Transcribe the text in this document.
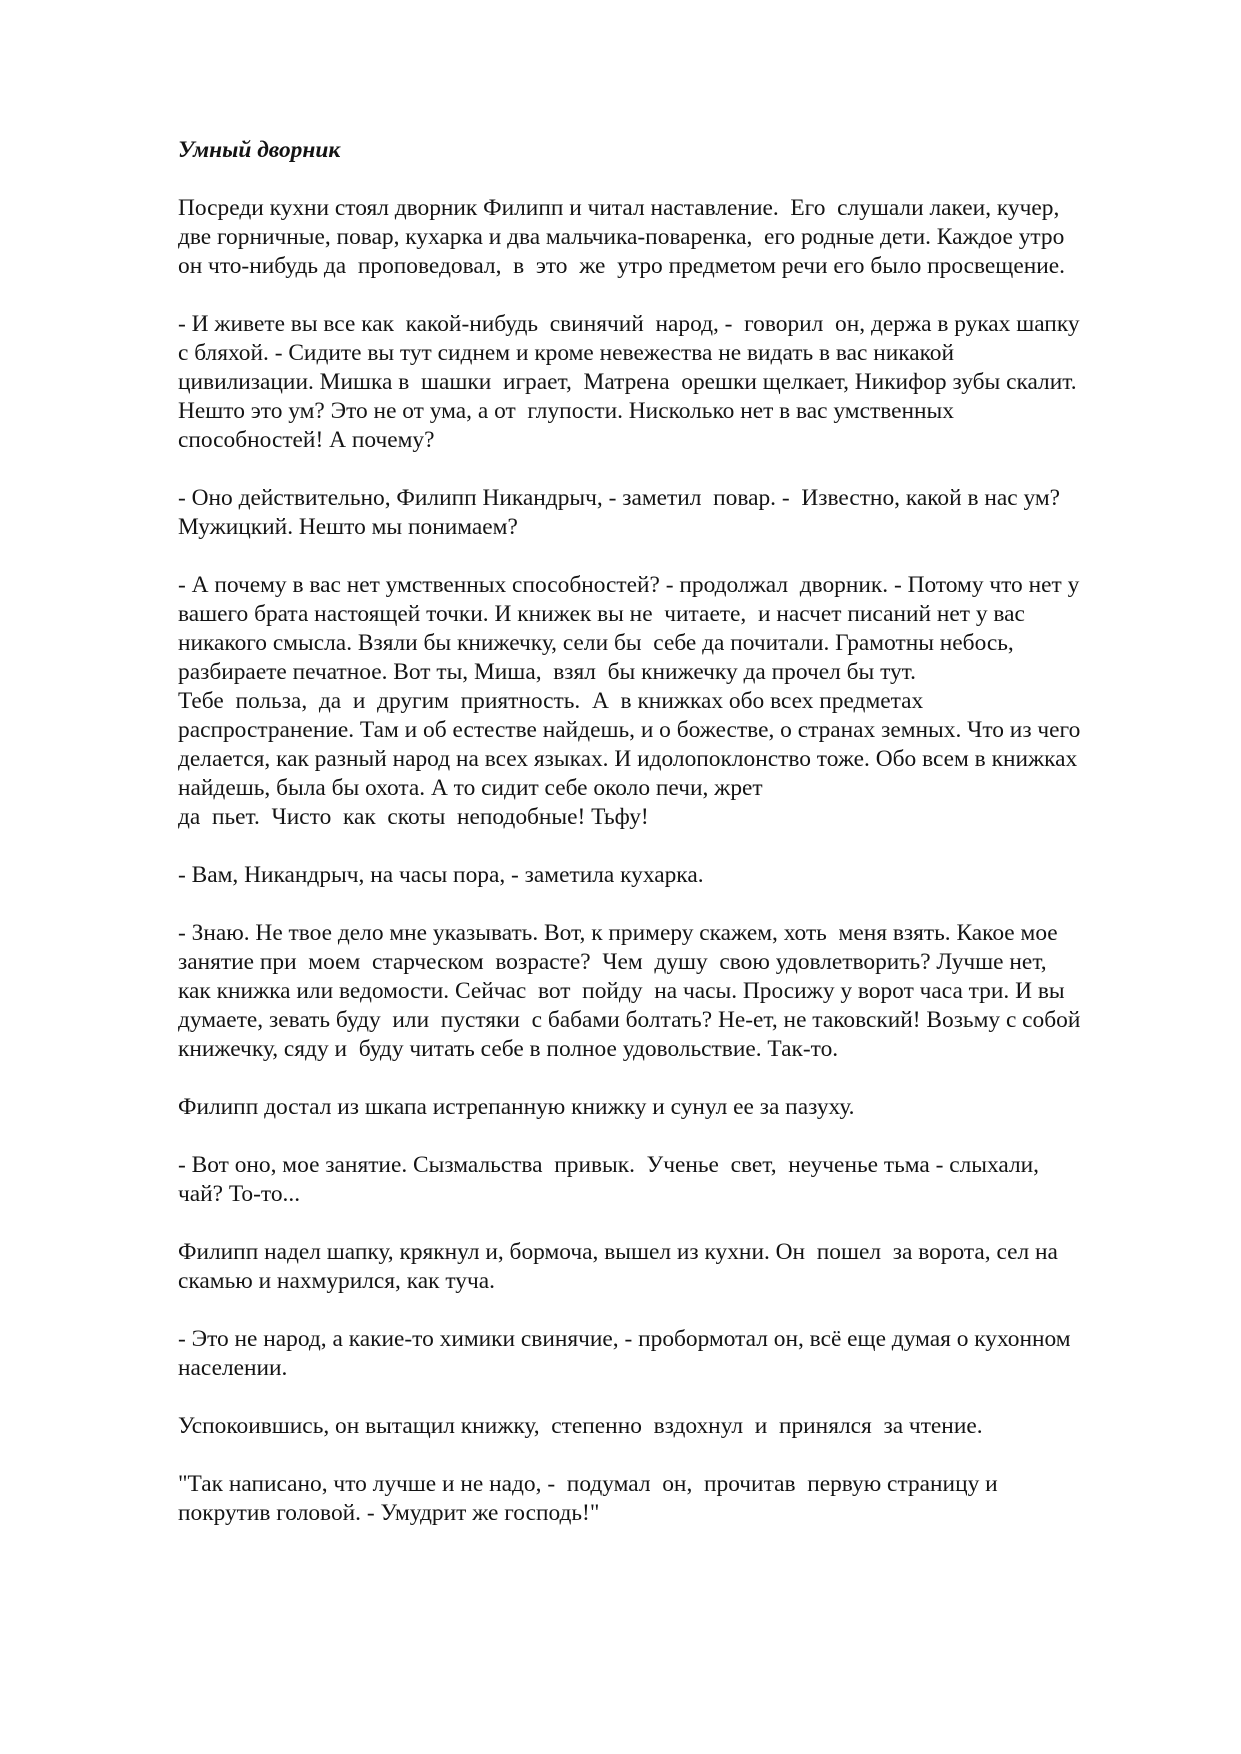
Умный дворник
Посреди кухни стоял дворник Филипп и читал наставление.  Его  слушали лакеи, кучер,
две горничные, повар, кухарка и два мальчика-поваренка,  его родные дети. Каждое утро
он что-нибудь да  проповедовал,  в  это  же  утро предметом речи его было просвещение.
- И живете вы все как  какой-нибудь  свинячий  народ, -  говорил  он, держа в руках шапку
с бляхой. - Сидите вы тут сиднем и кроме невежества не видать в вас никакой
цивилизации. Мишка в  шашки  играет,  Матрена  орешки щелкает, Никифор зубы скалит.
Нешто это ум? Это не от ума, а от  глупости. Нисколько нет в вас умственных
способностей! А почему?
- Оно действительно, Филипп Никандрыч, - заметил  повар. -  Известно, какой в нас ум?
Мужицкий. Нешто мы понимаем?
- А почему в вас нет умственных способностей? - продолжал  дворник. - Потому что нет у
вашего брата настоящей точки. И книжек вы не  читаете,  и насчет писаний нет у вас
никакого смысла. Взяли бы книжечку, сели бы  себе да почитали. Грамотны небось,
разбираете печатное. Вот ты, Миша,  взял  бы книжечку да прочел бы тут.
Тебе  польза,  да  и  другим  приятность.  А  в книжках обо всех предметах
распространение. Там и об естестве найдешь, и о божестве, о странах земных. Что из чего
делается, как разный народ на всех языках. И идолопоклонство тоже. Обо всем в книжках
найдешь, была бы охота. А то сидит себе около печи, жрет
да  пьет.  Чисто  как  скоты  неподобные! Тьфу!
- Вам, Никандрыч, на часы пора, - заметила кухарка.
- Знаю. Не твое дело мне указывать. Вот, к примеру скажем, хоть  меня взять. Какое мое
занятие при  моем  старческом  возрасте?  Чем  душу  свою удовлетворить? Лучше нет,
как книжка или ведомости. Сейчас  вот  пойду  на часы. Просижу у ворот часа три. И вы
думаете, зевать буду  или  пустяки  с бабами болтать? Не-ет, не таковский! Возьму с собой
книжечку, сяду и  буду читать себе в полное удовольствие. Так-то.
Филипп достал из шкапа истрепанную книжку и сунул ее за пазуху.
- Вот оно, мое занятие. Сызмальства  привык.  Ученье  свет,  неученье тьма - слыхали,
чай? То-то...
Филипп надел шапку, крякнул и, бормоча, вышел из кухни. Он  пошел  за ворота, сел на
скамью и нахмурился, как туча.
- Это не народ, а какие-то химики свинячие, - пробормотал он, всё еще думая о кухонном
населении.
Успокоившись, он вытащил книжку,  степенно  вздохнул  и  принялся  за чтение.
"Так написано, что лучше и не надо, -  подумал  он,  прочитав  первую страницу и
покрутив головой. - Умудрит же господь!"
